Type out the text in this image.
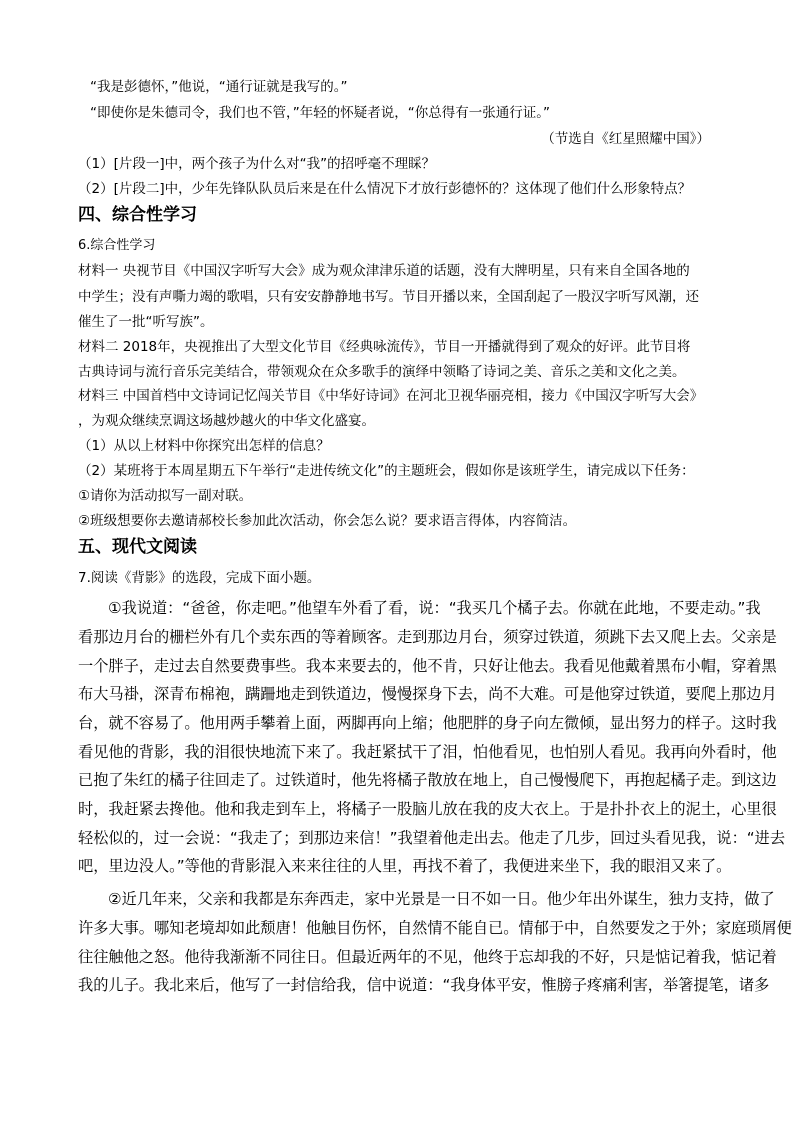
“我是彭德怀，”他说，“通行证就是我写的。”
“即使你是朱德司令，我们也不管，”年轻的怀疑者说，“你总得有一张通行证。”
（节选自《红星照耀中国》）
（1）[片段一]中，两个孩子为什么对“我”的招呼毫不理睬？
（2）[片段二]中，少年先锋队队员后来是在什么情况下才放行彭德怀的？这体现了他们什么形象特点？
四、综合性学习
6.综合性学习
材料一 央视节目《中国汉字听写大会》成为观众津津乐道的话题，没有大牌明星，只有来自全国各地的
中学生；没有声嘶力竭的歌唱，只有安安静静地书写。节目开播以来，全国刮起了一股汉字听写风潮，还
催生了一批“听写族”。
材料二 2018年，央视推出了大型文化节目《经典咏流传》，节目一开播就得到了观众的好评。此节目将
古典诗词与流行音乐完美结合，带领观众在众多歌手的演绎中领略了诗词之美、音乐之美和文化之美。
材料三 中国首档中文诗词记忆闯关节目《中华好诗词》在河北卫视华丽亮相，接力《中国汉字听写大会》
，为观众继续烹调这场越炒越火的中华文化盛宴。
（1）从以上材料中你探究出怎样的信息？
（2）某班将于本周星期五下午举行“走进传统文化”的主题班会，假如你是该班学生，请完成以下任务：
①请你为活动拟写一副对联。
②班级想要你去邀请郝校长参加此次活动，你会怎么说？要求语言得体，内容简洁。
五、现代文阅读
7.阅读《背影》的选段，完成下面小题。
①我说道：“爸爸，你走吧。”他望车外看了看，说：“我买几个橘子去。你就在此地，不要走动。”我
看那边月台的栅栏外有几个卖东西的等着顾客。走到那边月台，须穿过铁道，须跳下去又爬上去。父亲是
一个胖子，走过去自然要费事些。我本来要去的，他不肯，只好让他去。我看见他戴着黑布小帽，穿着黑
布大马褂，深青布棉袍，蹒跚地走到铁道边，慢慢探身下去，尚不大难。可是他穿过铁道，要爬上那边月
台，就不容易了。他用两手攀着上面，两脚再向上缩；他肥胖的身子向左微倾，显出努力的样子。这时我
看见他的背影，我的泪很快地流下来了。我赶紧拭干了泪，怕他看见，也怕别人看见。我再向外看时，他
已抱了朱红的橘子往回走了。过铁道时，他先将橘子散放在地上，自己慢慢爬下，再抱起橘子走。到这边
时，我赶紧去搀他。他和我走到车上，将橘子一股脑儿放在我的皮大衣上。于是扑扑衣上的泥土，心里很
轻松似的，过一会说：“我走了；到那边来信！”我望着他走出去。他走了几步，回过头看见我，说：“进去
吧，里边没人。”等他的背影混入来来往往的人里，再找不着了，我便进来坐下，我的眼泪又来了。
②近几年来，父亲和我都是东奔西走，家中光景是一日不如一日。他少年出外谋生，独力支持，做了
许多大事。哪知老境却如此颓唐！他触目伤怀，自然情不能自已。情郁于中，自然要发之于外；家庭琐屑便
往往触他之怒。他待我渐渐不同往日。但最近两年的不见，他终于忘却我的不好，只是惦记着我，惦记着
我的儿子。我北来后，他写了一封信给我，信中说道：“我身体平安，惟膀子疼痛利害，举箸提笔，诸多
